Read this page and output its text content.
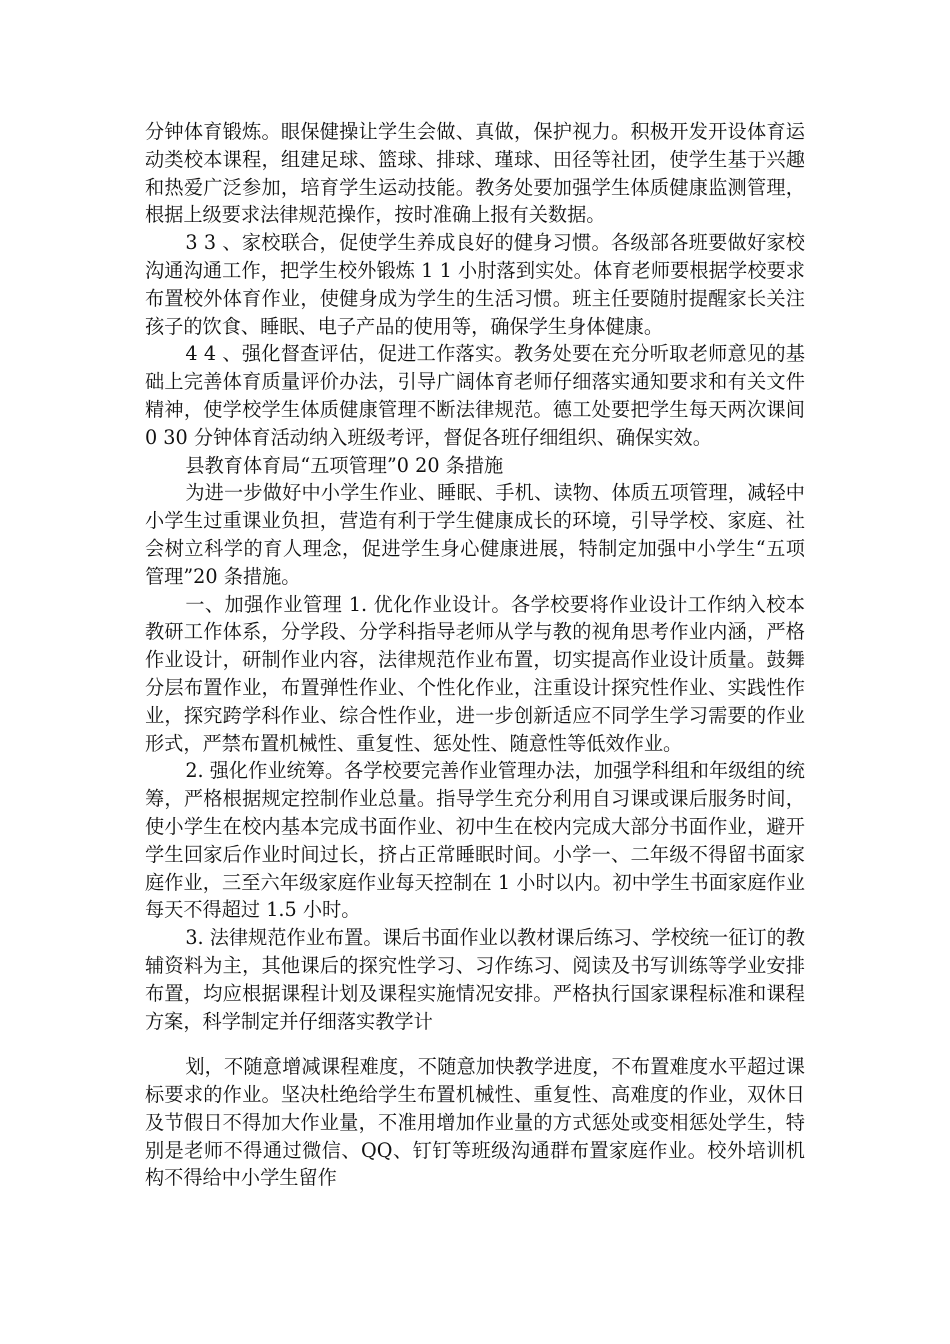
分钟体育锻炼。眼保健操让学生会做、真做，保护视力。积极开发开设体育运动类校本课程，组建足球、篮球、排球、瑾球、田径等社团，使学生基于兴趣和热爱广泛参加，培育学生运动技能。教务处要加强学生体质健康监测管理，根据上级要求法律规范操作，按时准确上报有关数据。

3 3 、家校联合，促使学生养成良好的健身习惯。各级部各班要做好家校沟通沟通工作，把学生校外锻炼 1 1 小肘落到实处。体育老师要根据学校要求布置校外体育作业，使健身成为学生的生活习惯。班主任要随肘提醒家长关注孩子的饮食、睡眠、电子产品的使用等，确保学生身体健康。

4 4 、强化督查评估，促进工作落实。教务处要在充分听取老师意见的基础上完善体育质量评价办法，引导广阔体育老师仔细落实通知要求和有关文件精神，使学校学生体质健康管理不断法律规范。德工处要把学生每天两次课间 0 30 分钟体育活动纳入班级考评，督促各班仔细组织、确保实效。

县教育体育局“五项管理”0 20 条措施

为进一步做好中小学生作业、睡眠、手机、读物、体质五项管理，减轻中小学生过重课业负担，营造有利于学生健康成长的环境，引导学校、家庭、社会树立科学的育人理念，促进学生身心健康进展，特制定加强中小学生“五项管理”20 条措施。

一、加强作业管理 1. 优化作业设计。各学校要将作业设计工作纳入校本教研工作体系，分学段、分学科指导老师从学与教的视角思考作业内涵，严格作业设计，研制作业内容，法律规范作业布置，切实提高作业设计质量。鼓舞分层布置作业，布置弹性作业、个性化作业，注重设计探究性作业、实践性作业，探究跨学科作业、综合性作业，进一步创新适应不同学生学习需要的作业形式，严禁布置机械性、重复性、惩处性、随意性等低效作业。

2. 强化作业统筹。各学校要完善作业管理办法，加强学科组和年级组的统筹，严格根据规定控制作业总量。指导学生充分利用自习课或课后服务时间，使小学生在校内基本完成书面作业、初中生在校内完成大部分书面作业，避开学生回家后作业时间过长，挤占正常睡眠时间。小学一、二年级不得留书面家庭作业，三至六年级家庭作业每天控制在 1 小时以内。初中学生书面家庭作业每天不得超过 1.5 小时。

3. 法律规范作业布置。课后书面作业以教材课后练习、学校统一征订的教辅资料为主，其他课后的探究性学习、习作练习、阅读及书写训练等学业安排布置，均应根据课程计划及课程实施情况安排。严格执行国家课程标准和课程方案，科学制定并仔细落实教学计

划，不随意增减课程难度，不随意加快教学进度，不布置难度水平超过课标要求的作业。坚决杜绝给学生布置机械性、重复性、高难度的作业，双休日及节假日不得加大作业量，不准用增加作业量的方式惩处或变相惩处学生，特别是老师不得通过微信、QQ、钉钉等班级沟通群布置家庭作业。校外培训机构不得给中小学生留作
